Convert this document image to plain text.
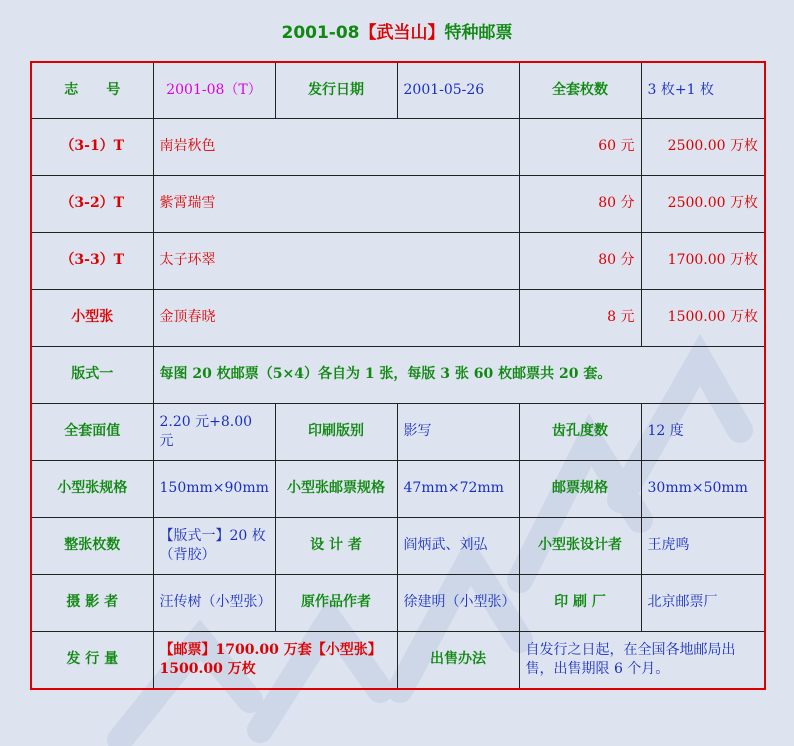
2001-08【武当山】特种邮票
志　　号	2001-08（T）	发行日期	2001-05-26	全套枚数	3 枚+1 枚
（3-1）T	南岩秋色			60 元	2500.00 万枚
（3-2）T	紫霄瑞雪			80 分	2500.00 万枚
（3-3）T	太子环翠			80 分	1700.00 万枚
小型张	金顶春晓			8 元	1500.00 万枚
版式一	每图 20 枚邮票（5×4）各自为 1 张，每版 3 张 60 枚邮票共 20 套。				
全套面值	2.20 元+8.00 元	印刷版别	影写	齿孔度数	12 度
小型张规格	150mm×90mm	小型张邮票规格	47mm×72mm	邮票规格	30mm×50mm
整张枚数	【版式一】20 枚（背胶）	设 计 者	阎炳武、刘弘	小型张设计者	王虎鸣
摄 影 者	汪传树（小型张）	原作品作者	徐建明（小型张）	印 刷 厂	北京邮票厂
发 行 量	【邮票】1700.00 万套【小型张】1500.00 万枚		出售办法	自发行之日起，在全国各地邮局出售，出售期限 6 个月。	
